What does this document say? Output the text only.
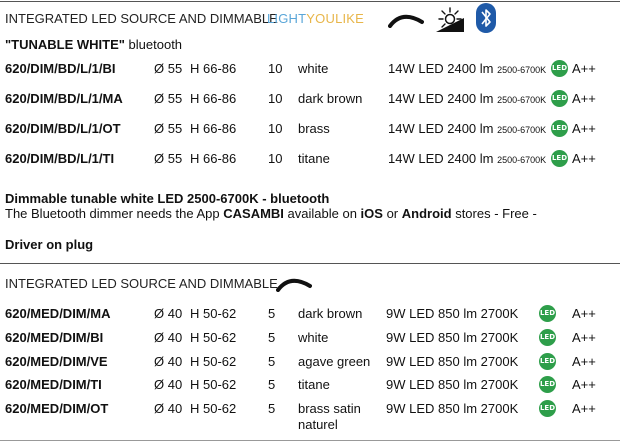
INTEGRATED LED SOURCE AND DIMMABLE
LIGHTYOULIKE
"TUNABLE WHITE" bluetooth
620/DIM/BD/L/1/BI	Ø 55 H 66-86 10 white	14W LED 2400 lm 2500-6700K LED A++
620/DIM/BD/L/1/MA Ø 55 H 66-86 10 dark brown 14W LED 2400 lm 2500-6700K LED A++
620/DIM/BD/L/1/OT	Ø 55 H 66-86 10 brass	14W LED 2400 lm 2500-6700K LED A++
620/DIM/BD/L/1/TI	Ø 55 H 66-86 10 titane	14W LED 2400 lm 2500-6700K LED A++
Dimmable tunable white LED 2500-6700K - bluetooth
The Bluetooth dimmer needs the App CASAMBI available on iOS or Android stores - Free -
Driver on plug
INTEGRATED LED SOURCE AND DIMMABLE
620/MED/DIM/MA	Ø 40 H 50-62 5 dark brown 9W LED 850 lm 2700K	LED A++
620/MED/DIM/BI	Ø 40 H 50-62 5 white	9W LED 850 lm 2700K	LED A++
620/MED/DIM/VE	Ø 40 H 50-62 5 agave green 9W LED 850 lm 2700K	LED A++
620/MED/DIM/TI	Ø 40 H 50-62 5 titane	9W LED 850 lm 2700K	LED A++
620/MED/DIM/OT	Ø 40 H 50-62 5 brass satin
naturel
9W LED 850 lm 2700K	LED A++
